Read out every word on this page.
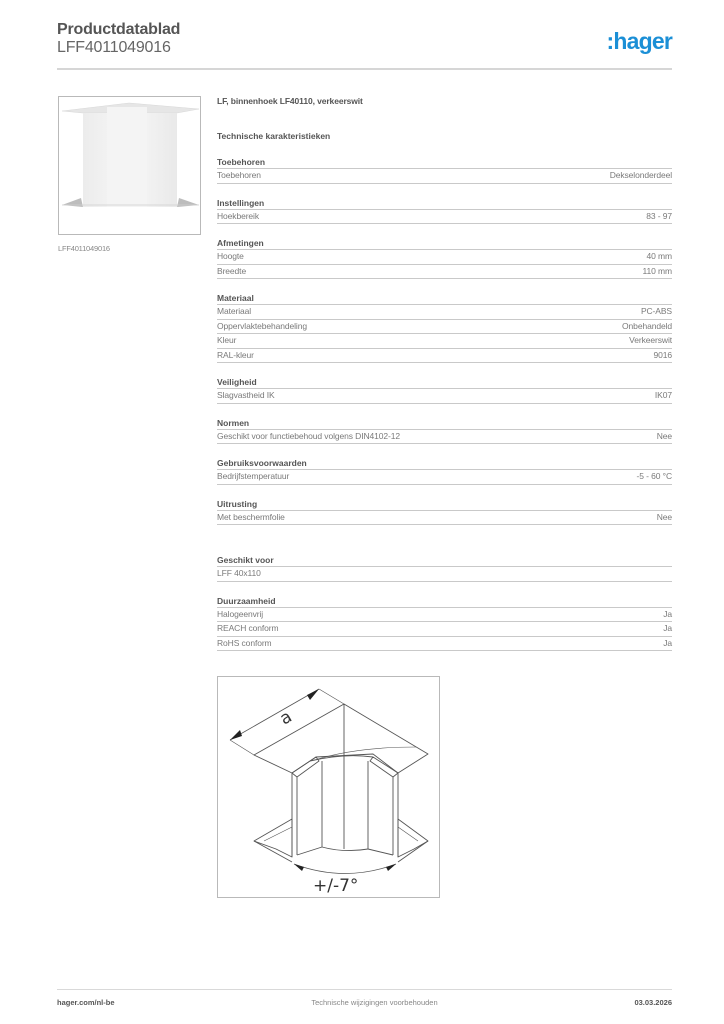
Productdatablad
LFF4011049016	:hager
LFF4011049016
LF, binnenhoek LF40110, verkeerswit
Technische karakteristieken
Toebehoren
Toebehoren	Dekselonderdeel
Instellingen
Hoekbereik	83 - 97
Afmetingen
Hoogte	40 mm
Breedte	110 mm
Materiaal
Materiaal	PC-ABS
Oppervlaktebehandeling	Onbehandeld
Kleur	Verkeerswit
RAL-kleur	9016
Veiligheid
Slagvastheid IK	IK07
Normen
Geschikt voor functiebehoud volgens DIN4102-12	Nee
Gebruiksvoorwaarden
Bedrijfstemperatuur	-5 - 60 °C
Uitrusting
Met beschermfolie	Nee
Geschikt voor
LFF 40x110
Duurzaamheid
Halogeenvrij	Ja
REACH conform	Ja
RoHS conform	Ja
a
+/-7°
hager.com/nl-be	Technische wijzigingen voorbehouden	03.03.2026
